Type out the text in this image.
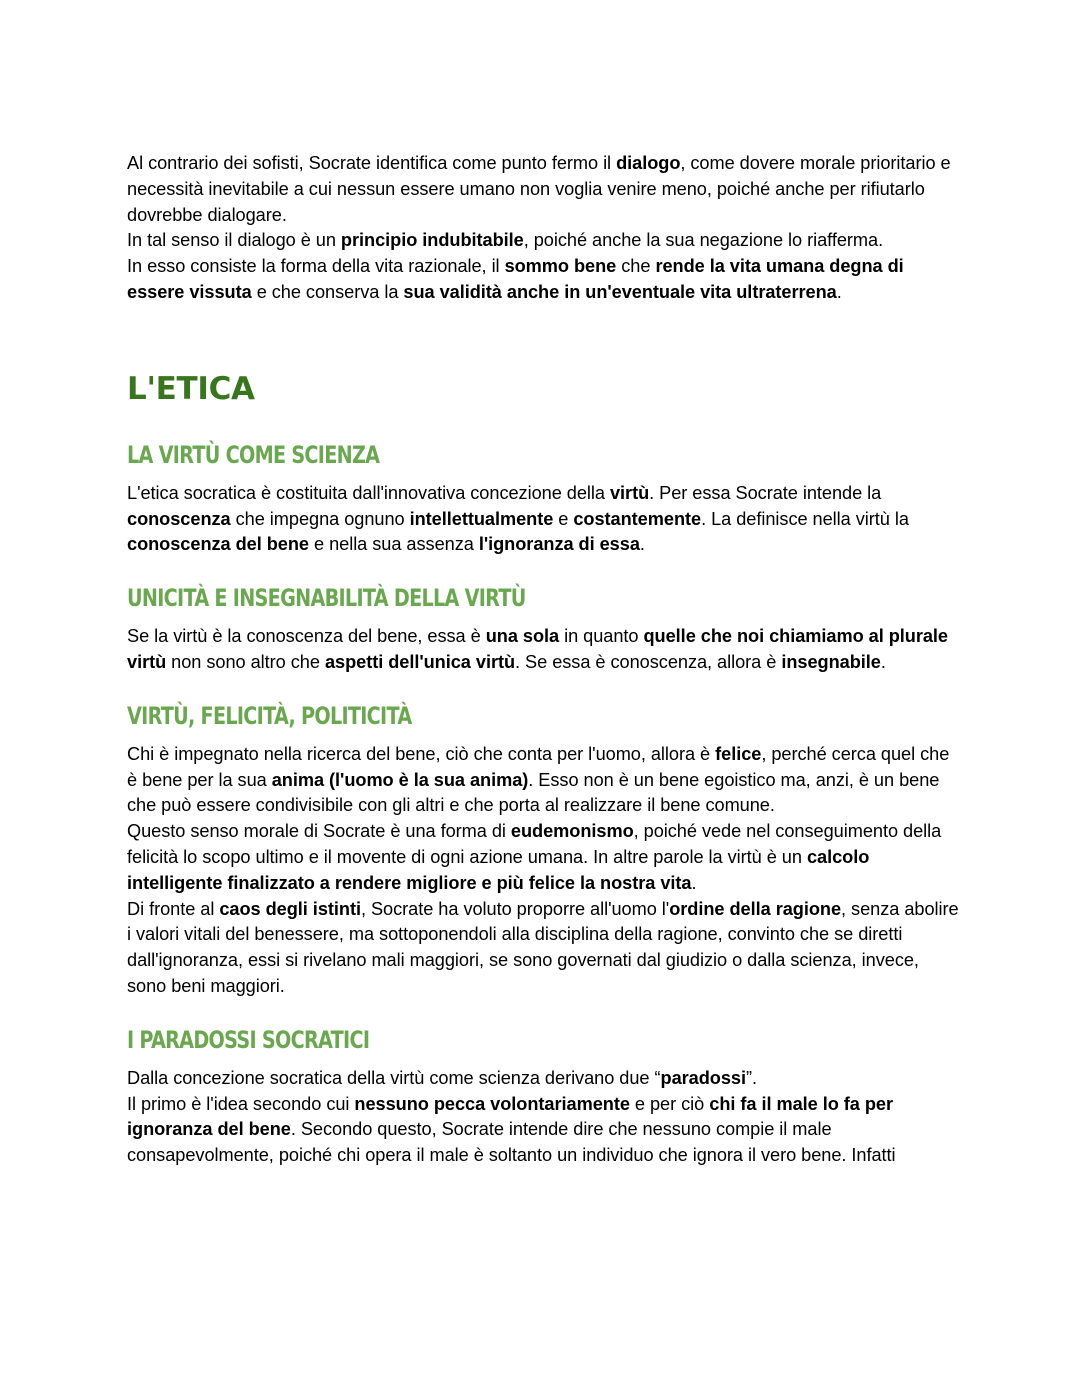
Al contrario dei sofisti, Socrate identifica come punto fermo il dialogo, come dovere morale prioritario e necessità inevitabile a cui nessun essere umano non voglia venire meno, poiché anche per rifiutarlo dovrebbe dialogare.

In tal senso il dialogo è un principio indubitabile, poiché anche la sua negazione lo riafferma.

In esso consiste la forma della vita razionale, il sommo bene che rende la vita umana degna di essere vissuta e che conserva la sua validità anche in un'eventuale vita ultraterrena.

L'ETICA
LA VIRTÙ COME SCIENZA

L'etica socratica è costituita dall'innovativa concezione della virtù. Per essa Socrate intende la conoscenza che impegna ognuno intellettualmente e costantemente. La definisce nella virtù la conoscenza del bene e nella sua assenza l'ignoranza di essa.

UNICITÀ E INSEGNABILITÀ DELLA VIRTÙ

Se la virtù è la conoscenza del bene, essa è una sola in quanto quelle che noi chiamiamo al plurale virtù non sono altro che aspetti dell'unica virtù. Se essa è conoscenza, allora è insegnabile.

VIRTÙ, FELICITÀ, POLITICITÀ

Chi è impegnato nella ricerca del bene, ciò che conta per l'uomo, allora è felice, perché cerca quel che è bene per la sua anima (l'uomo è la sua anima). Esso non è un bene egoistico ma, anzi, è un bene che può essere condivisibile con gli altri e che porta al realizzare il bene comune.

Questo senso morale di Socrate è una forma di eudemonismo, poiché vede nel conseguimento della felicità lo scopo ultimo e il movente di ogni azione umana. In altre parole la virtù è un calcolo intelligente finalizzato a rendere migliore e più felice la nostra vita.

Di fronte al caos degli istinti, Socrate ha voluto proporre all'uomo l'ordine della ragione, senza abolire i valori vitali del benessere, ma sottoponendoli alla disciplina della ragione, convinto che se diretti dall'ignoranza, essi si rivelano mali maggiori, se sono governati dal giudizio o dalla scienza, invece, sono beni maggiori.

I PARADOSSI SOCRATICI

Dalla concezione socratica della virtù come scienza derivano due “paradossi”.

Il primo è l'idea secondo cui nessuno pecca volontariamente e per ciò chi fa il male lo fa per ignoranza del bene. Secondo questo, Socrate intende dire che nessuno compie il male consapevolmente, poiché chi opera il male è soltanto un individuo che ignora il vero bene. Infatti
